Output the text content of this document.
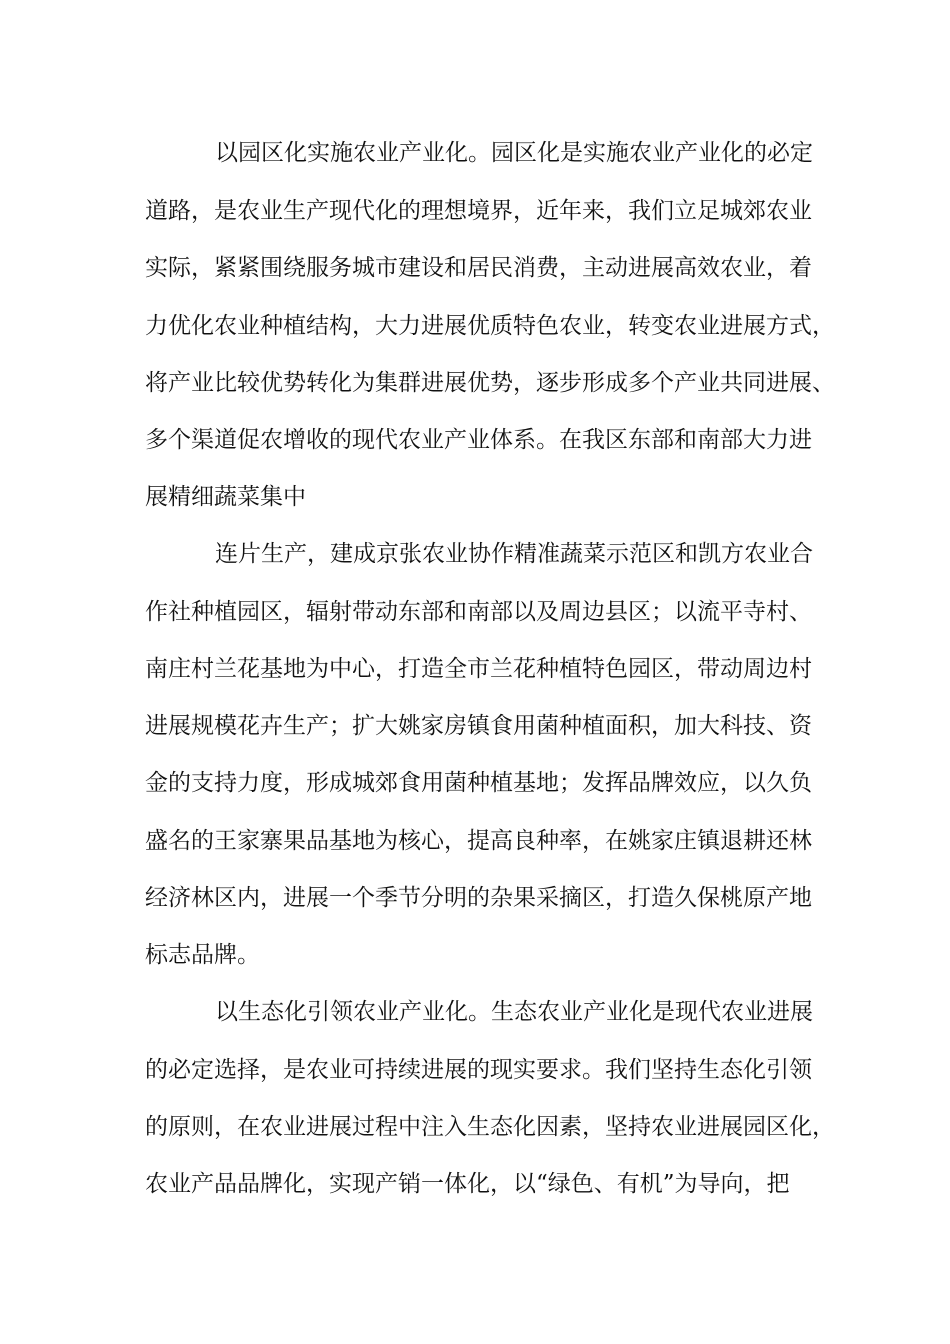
以园区化实施农业产业化。园区化是实施农业产业化的必定
道路，是农业生产现代化的理想境界，近年来，我们立足城郊农业
实际，紧紧围绕服务城市建设和居民消费，主动进展高效农业，着
力优化农业种植结构，大力进展优质特色农业，转变农业进展方式，
将产业比较优势转化为集群进展优势，逐步形成多个产业共同进展、
多个渠道促农增收的现代农业产业体系。在我区东部和南部大力进
展精细蔬菜集中
连片生产，建成京张农业协作精准蔬菜示范区和凯方农业合
作社种植园区，辐射带动东部和南部以及周边县区；以流平寺村、
南庄村兰花基地为中心，打造全市兰花种植特色园区，带动周边村
进展规模花卉生产；扩大姚家房镇食用菌种植面积，加大科技、资
金的支持力度，形成城郊食用菌种植基地；发挥品牌效应，以久负
盛名的王家寨果品基地为核心，提高良种率，在姚家庄镇退耕还林
经济林区内，进展一个季节分明的杂果采摘区，打造久保桃原产地
标志品牌。
以生态化引领农业产业化。生态农业产业化是现代农业进展
的必定选择，是农业可持续进展的现实要求。我们坚持生态化引领
的原则，在农业进展过程中注入生态化因素，坚持农业进展园区化，
农业产品品牌化，实现产销一体化，以“绿色、有机”为导向，把
